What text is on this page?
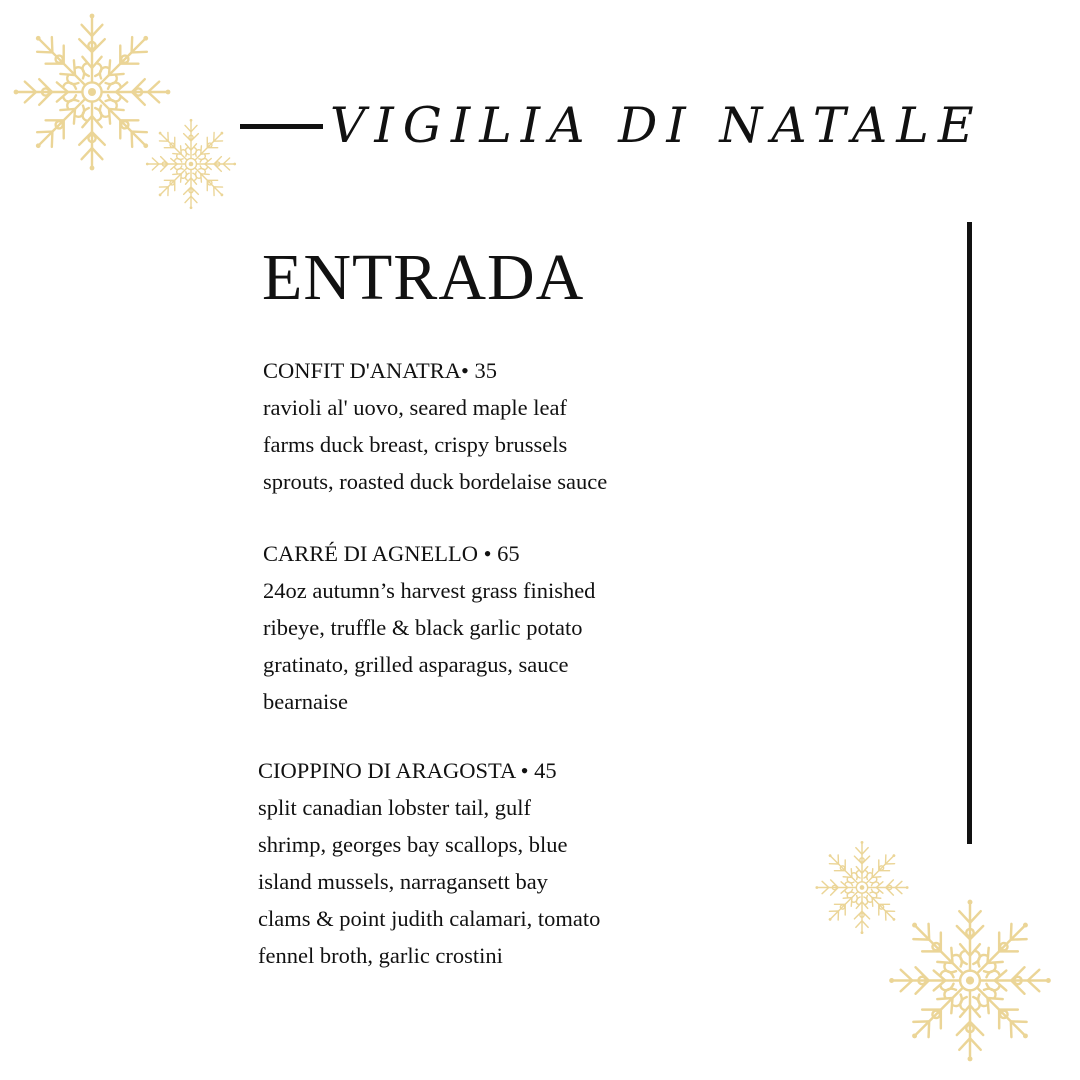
VIGILIA DI NATALE
ENTRADA

CONFIT D'ANATRA• 35

ravioli al' uovo, seared maple leaf
farms duck breast, crispy brussels
sprouts, roasted duck bordelaise sauce

CARRÉ DI AGNELLO • 65

24oz autumn’s harvest grass finished
ribeye, truffle & black garlic potato
gratinato, grilled asparagus, sauce
bearnaise

CIOPPINO DI ARAGOSTA • 45

split canadian lobster tail, gulf
shrimp, georges bay scallops, blue
island mussels, narragansett bay
clams & point judith calamari, tomato
fennel broth, garlic crostini
